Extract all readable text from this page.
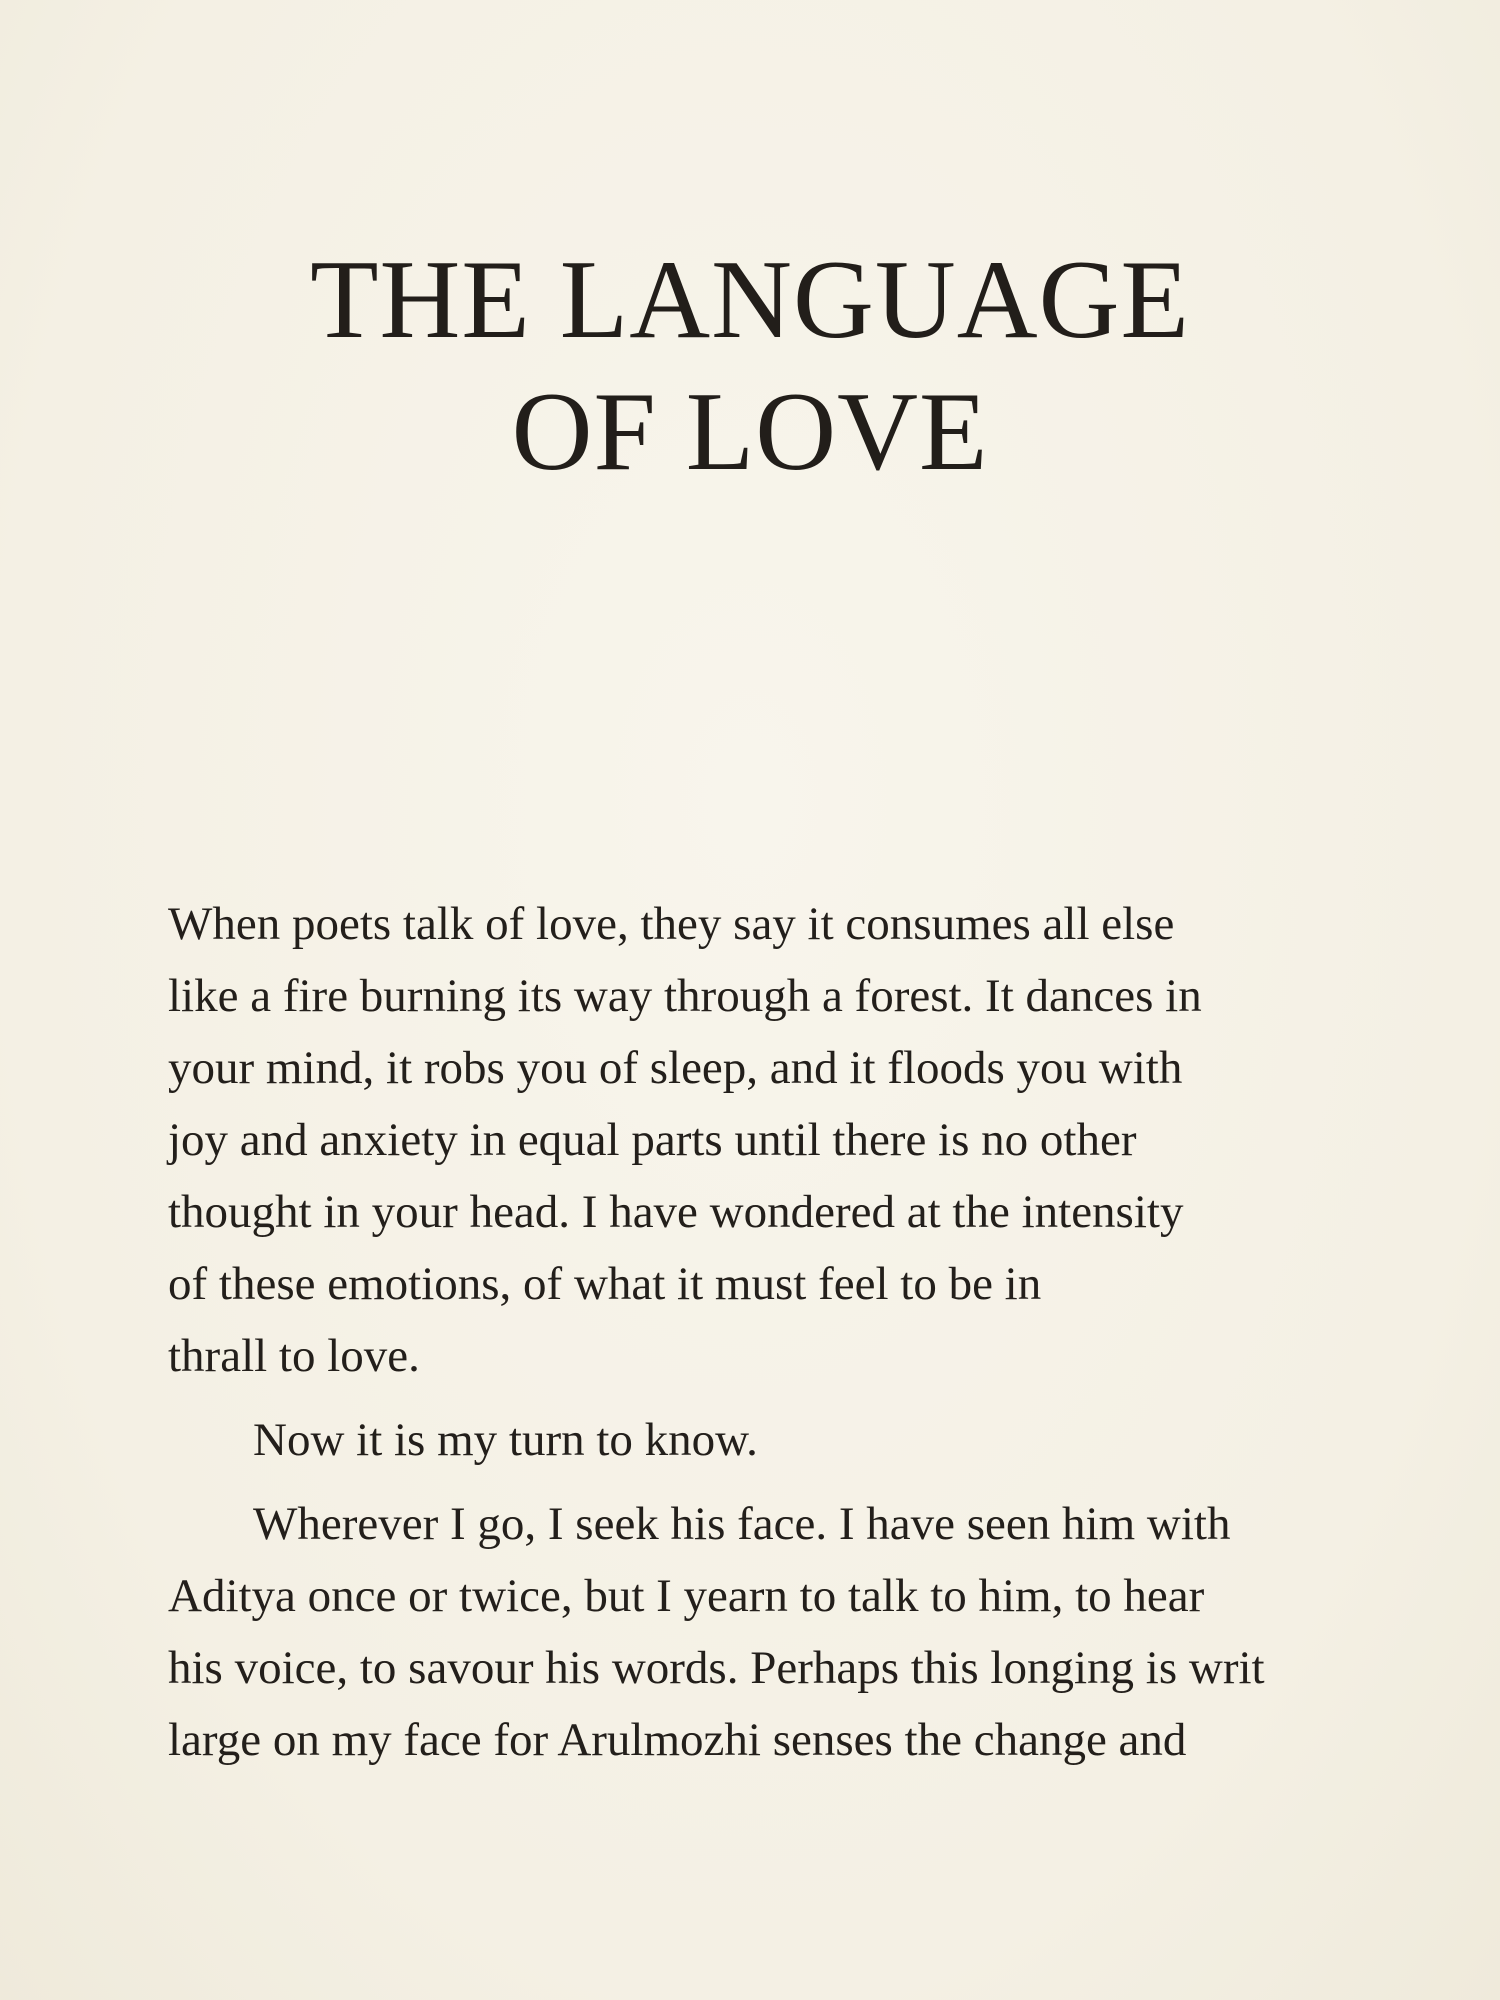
THE LANGUAGE
OF LOVE

When poets talk of love, they say it consumes all else
like a fire burning its way through a forest. It dances in
your mind, it robs you of sleep, and it floods you with
joy and anxiety in equal parts until there is no other
thought in your head. I have wondered at the intensity
of these emotions, of what it must feel to be in
thrall to love.

Now it is my turn to know.

Wherever I go, I seek his face. I have seen him with
Aditya once or twice, but I yearn to talk to him, to hear
his voice, to savour his words. Perhaps this longing is writ
large on my face for Arulmozhi senses the change and
